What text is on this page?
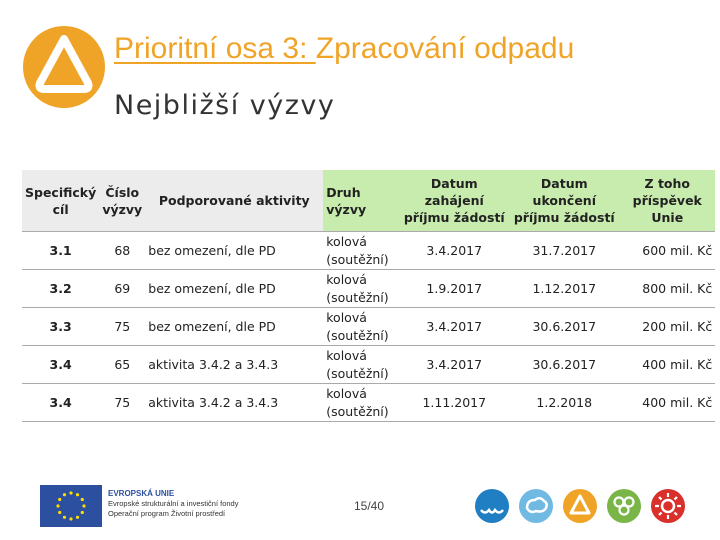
Prioritní osa 3: Zpracování odpadu
Nejbližší výzvy
Specifický cíl	Číslo výzvy	Podporované aktivity	Druh výzvy	Datum zahájení příjmu žádostí	Datum ukončení příjmu žádostí	Z toho příspěvek Unie
3.1	68	bez omezení, dle PD	kolová (soutěžní)	3.4.2017	31.7.2017	600 mil. Kč
3.2	69	bez omezení, dle PD	kolová (soutěžní)	1.9.2017	1.12.2017	800 mil. Kč
3.3	75	bez omezení, dle PD	kolová (soutěžní)	3.4.2017	30.6.2017	200 mil. Kč
3.4	65	aktivita 3.4.2 a 3.4.3	kolová (soutěžní)	3.4.2017	30.6.2017	400 mil. Kč
3.4	75	aktivita 3.4.2 a 3.4.3	kolová (soutěžní)	1.11.2017	1.2.2018	400 mil. Kč
EVROPSKÁ UNIE
Evropské strukturální a investiční fondy
Operační program Životní prostředí
15/40
